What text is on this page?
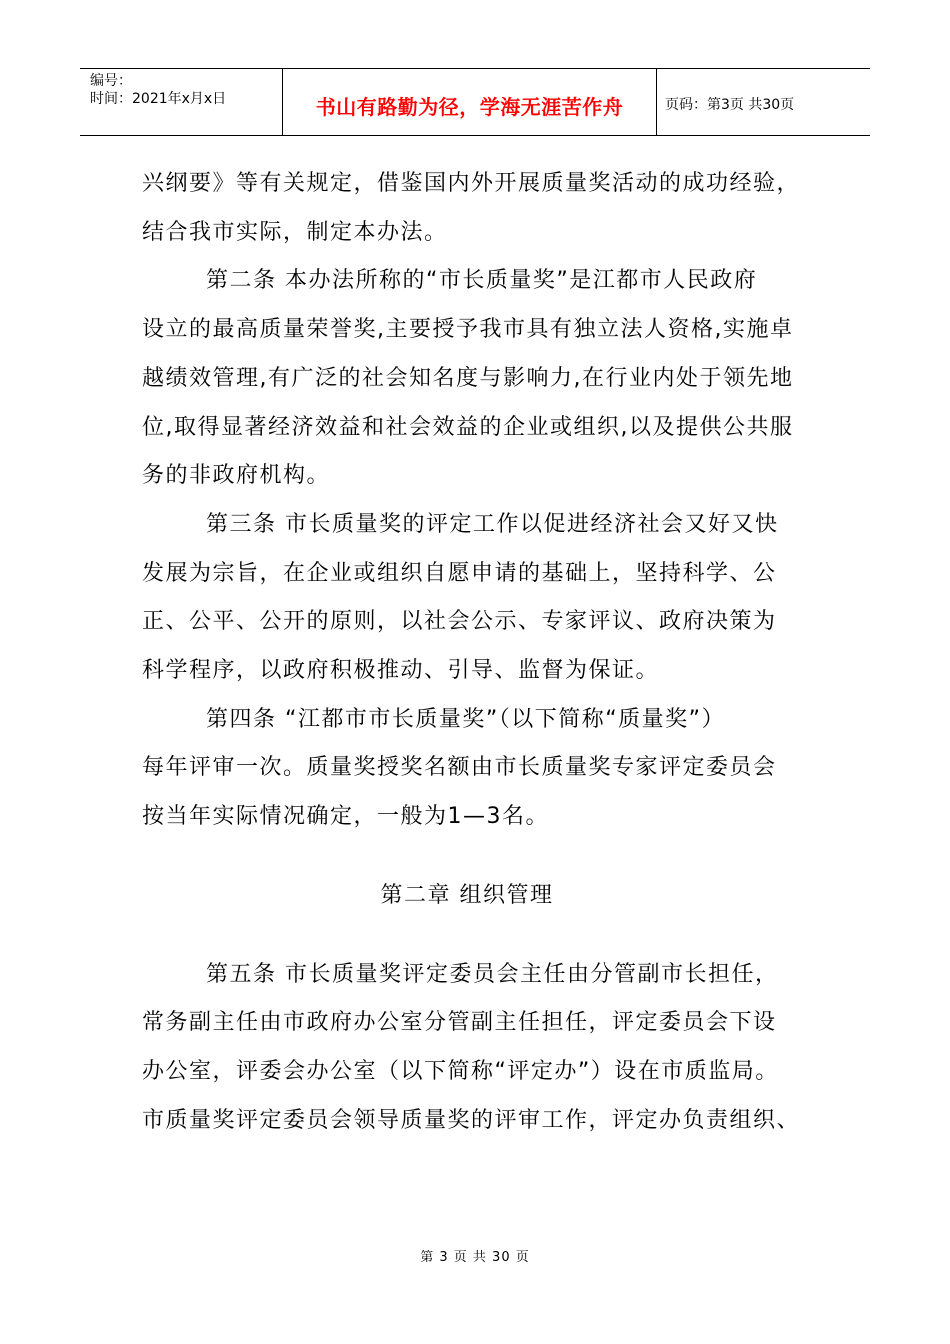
编号：
时间：2021年x月x日	书山有路勤为径，学海无涯苦作舟	页码：第3页 共30页
兴纲要》等有关规定，借鉴国内外开展质量奖活动的成功经验，
结合我市实际，制定本办法。
第二条 本办法所称的“市长质量奖”是江都市人民政府
设立的最高质量荣誉奖,主要授予我市具有独立法人资格,实施卓
越绩效管理,有广泛的社会知名度与影响力,在行业内处于领先地
位,取得显著经济效益和社会效益的企业或组织,以及提供公共服
务的非政府机构。
第三条 市长质量奖的评定工作以促进经济社会又好又快
发展为宗旨，在企业或组织自愿申请的基础上，坚持科学、公
正、公平、公开的原则，以社会公示、专家评议、政府决策为
科学程序，以政府积极推动、引导、监督为保证。
第四条 “江都市市长质量奖”（以下简称“质量奖”）
每年评审一次。质量奖授奖名额由市长质量奖专家评定委员会
按当年实际情况确定，一般为1—3名。
第二章 组织管理
第五条 市长质量奖评定委员会主任由分管副市长担任，
常务副主任由市政府办公室分管副主任担任，评定委员会下设
办公室，评委会办公室（以下简称“评定办”）设在市质监局。
市质量奖评定委员会领导质量奖的评审工作，评定办负责组织、
第 3 页 共 30 页
